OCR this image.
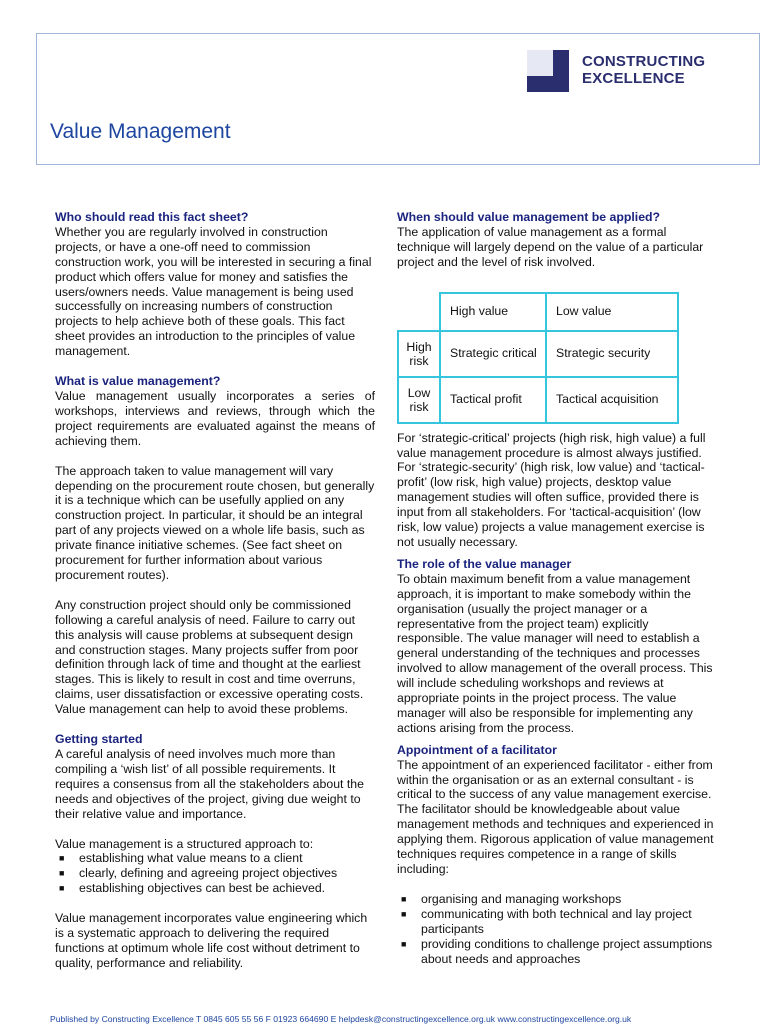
CONSTRUCTING
EXCELLENCE
Value Management
Who should read this fact sheet?

Whether you are regularly involved in construction projects, or have a one-off need to commission construction work, you will be interested in securing a final product which offers value for money and satisfies the users/owners needs. Value management is being used successfully on increasing numbers of construction projects to help achieve both of these goals. This fact sheet provides an introduction to the principles of value management.

What is value management?

Value management usually incorporates a series of workshops, interviews and reviews, through which the project requirements are evaluated against the means of achieving them.

The approach taken to value management will vary depending on the procurement route chosen, but generally it is a technique which can be usefully applied on any construction project. In particular, it should be an integral part of any projects viewed on a whole life basis, such as private finance initiative schemes. (See fact sheet on procurement for further information about various procurement routes).

Any construction project should only be commissioned following a careful analysis of need. Failure to carry out this analysis will cause problems at subsequent design and construction stages. Many projects suffer from poor definition through lack of time and thought at the earliest stages. This is likely to result in cost and time overruns, claims, user dissatisfaction or excessive operating costs. Value management can help to avoid these problems.

Getting started

A careful analysis of need involves much more than compiling a ‘wish list’ of all possible requirements. It requires a consensus from all the stakeholders about the needs and objectives of the project, giving due weight to their relative value and importance.

Value management is a structured approach to:

■ establishing what value means to a client
■ clearly, defining and agreeing project objectives
■ establishing objectives can best be achieved.

Value management incorporates value engineering which is a systematic approach to delivering the required functions at optimum whole life cost without detriment to quality, performance and reliability.

When should value management be applied?

The application of value management as a formal technique will largely depend on the value of a particular project and the level of risk involved.

High value	Low value

High
risk	Strategic critical	Strategic security

Low
risk	Tactical profit	Tactical acquisition

For ‘strategic-critical’ projects (high risk, high value) a full value management procedure is almost always justified. For ‘strategic-security’ (high risk, low value) and ‘tactical-profit’ (low risk, high value) projects, desktop value management studies will often suffice, provided there is input from all stakeholders. For ‘tactical-acquisition’ (low risk, low value) projects a value management exercise is not usually necessary.

The role of the value manager

To obtain maximum benefit from a value management approach, it is important to make somebody within the organisation (usually the project manager or a representative from the project team) explicitly responsible. The value manager will need to establish a general understanding of the techniques and processes involved to allow management of the overall process. This will include scheduling workshops and reviews at appropriate points in the project process. The value manager will also be responsible for implementing any actions arising from the process.

Appointment of a facilitator

The appointment of an experienced facilitator - either from within the organisation or as an external consultant - is critical to the success of any value management exercise. The facilitator should be knowledgeable about value management methods and techniques and experienced in applying them. Rigorous application of value management techniques requires competence in a range of skills including:

■ organising and managing workshops
■ communicating with both technical and lay project participants
■ providing conditions to challenge project assumptions about needs and approaches
Published by Constructing Excellence T 0845 605 55 56 F 01923 664690 E helpdesk@constructingexcellence.org.uk www.constructingexcellence.org.uk
